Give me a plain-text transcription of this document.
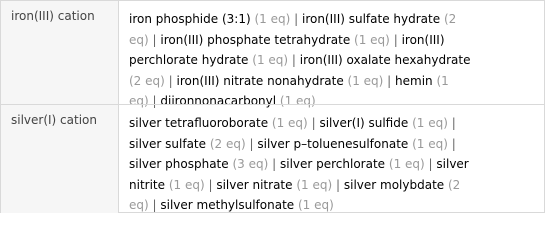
iron(III) cation	iron phosphide (3:1) (1 eq) | iron(III) sulfate hydrate (2
eq) | iron(III) phosphate tetrahydrate (1 eq) | iron(III)
perchlorate hydrate (1 eq) | iron(III) oxalate hexahydrate
(2 eq) | iron(III) nitrate nonahydrate (1 eq) | hemin (1
eq) | diironnonacarbonyl (1 eq)
silver(I) cation	silver tetrafluoroborate (1 eq) | silver(I) sulfide (1 eq) |
silver sulfate (2 eq) | silver p–toluenesulfonate (1 eq) |
silver phosphate (3 eq) | silver perchlorate (1 eq) | silver
nitrite (1 eq) | silver nitrate (1 eq) | silver molybdate (2
eq) | silver methylsulfonate (1 eq)
